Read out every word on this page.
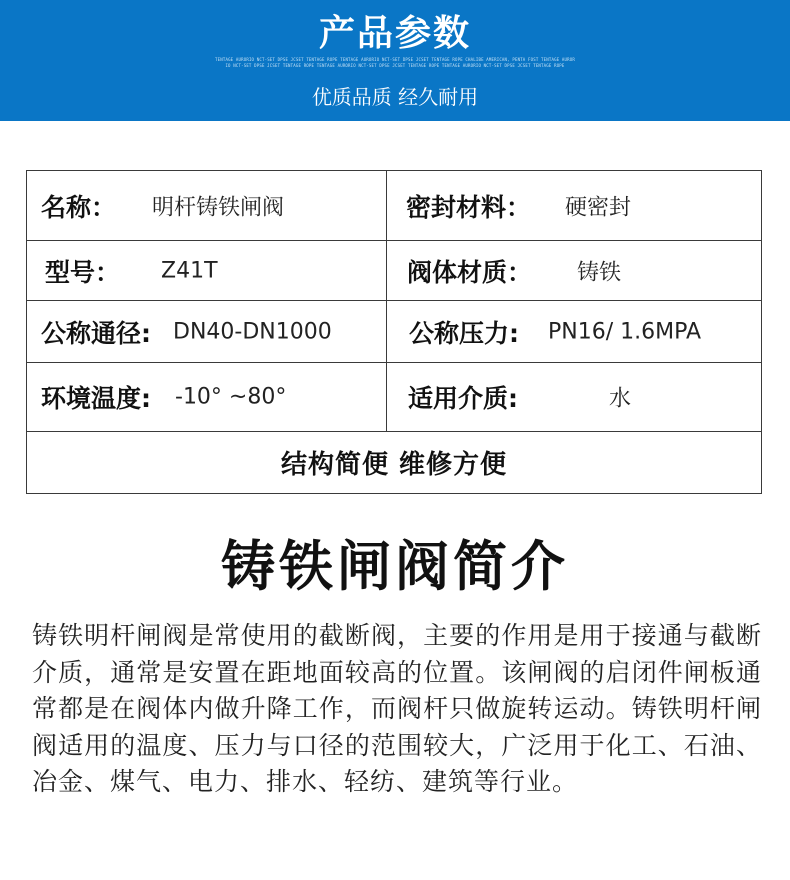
产品参数
TENTAGE AURORIO NCT-SET DPSE JCSET TENTAGE ROPE TENTAGE AURORIO NCT-SET DPSE JCSET TENTAGE ROPE CHALIBE AMERICAN, PENTA FOST TENTAGE AURORIO NCT-SET DPSE JCSET TENTAGE ROPE TENTAGE AURORIO NCT-SET DPSE JCSET TENTAGE ROPE TENTAGE AURORIO NCT-SET DPSE JCSET TENTAGE ROPE
优质品质 经久耐用
名称： 明杆铸铁闸阀	密封材料： 硬密封

型号： Z41T	阀体材质： 铸铁

公称通径: DN40-DN1000	公称压力: PN16/ 1.6MPA

环境温度: -10° ~80°	适用介质: 水

结构简便 维修方便	
铸铁闸阀简介

铸铁明杆闸阀是常使用的截断阀，主要的作用是用于接通与截断介质，通常是安置在距地面较高的位置。该闸阀的启闭件闸板通常都是在阀体内做升降工作，而阀杆只做旋转运动。铸铁明杆闸阀适用的温度、压力与口径的范围较大，广泛用于化工、石油、冶金、煤气、电力、排水、轻纺、建筑等行业。
